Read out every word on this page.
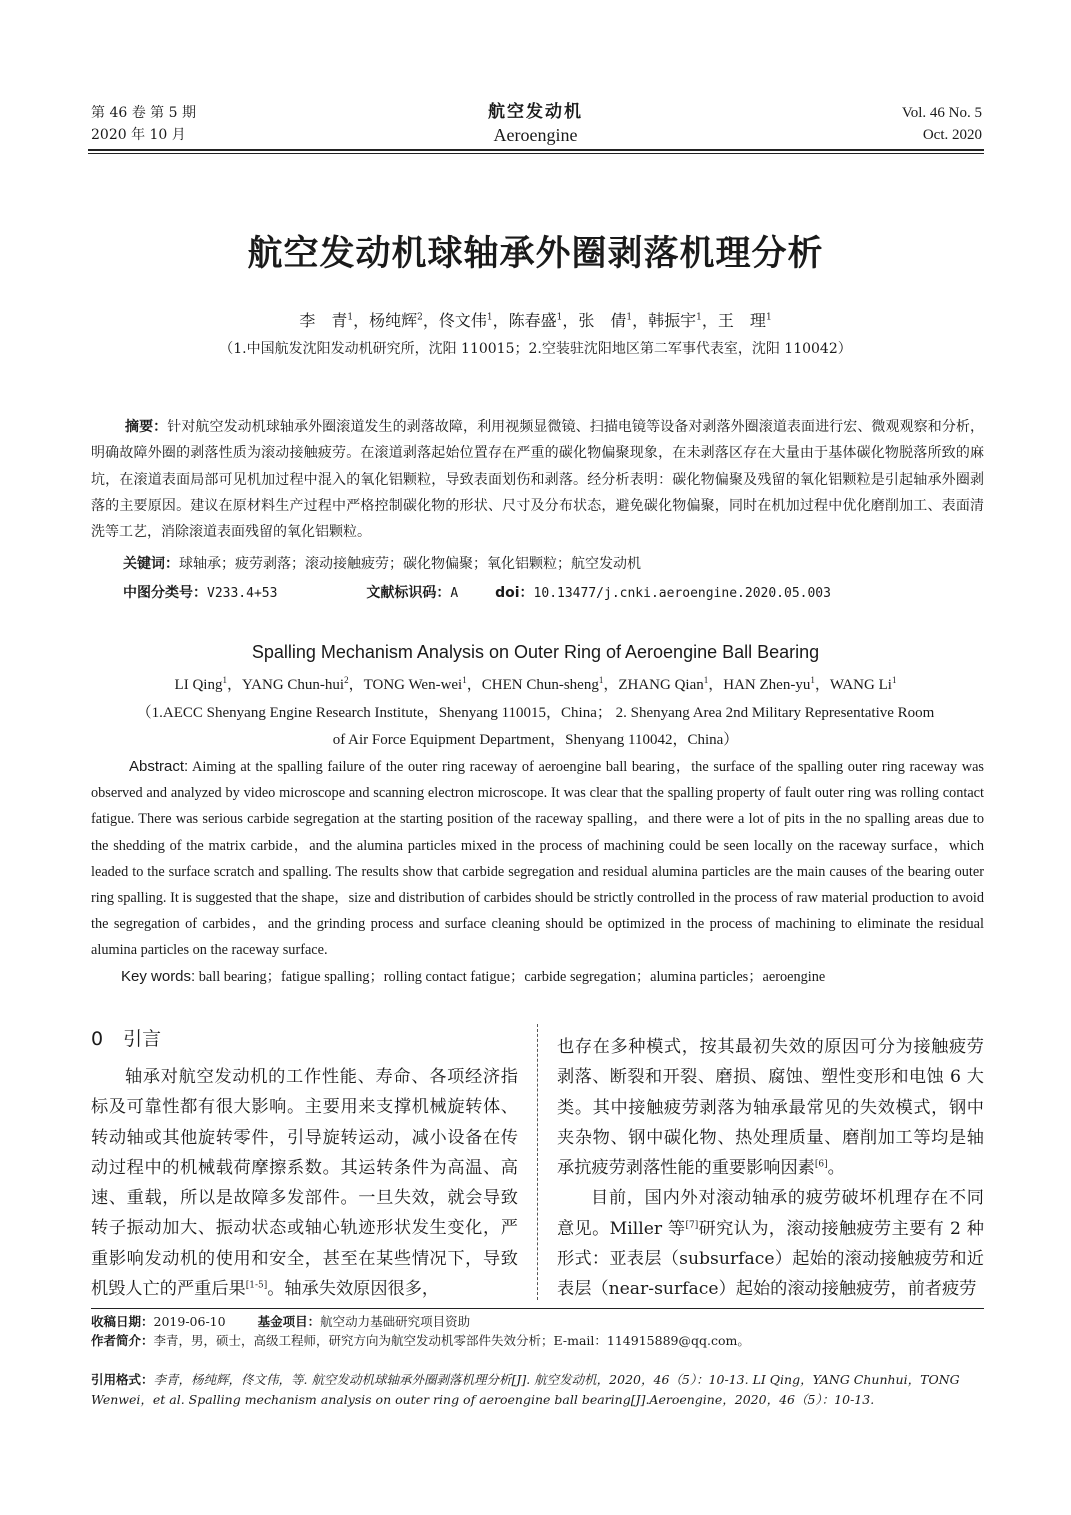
第 46 卷 第 5 期
2020 年 10 月
航空发动机
Aeroengine
Vol. 46 No. 5
Oct. 2020
航空发动机球轴承外圈剥落机理分析
李　青$^1$，杨纯辉$^2$，佟文伟$^1$，陈春盛$^1$，张　倩$^1$，韩振宇$^1$，王　理$^1$
（1.中国航发沈阳发动机研究所，沈阳 110015；2.空装驻沈阳地区第二军事代表室，沈阳 110042）
摘要：针对航空发动机球轴承外圈滚道发生的剥落故障，利用视频显微镜、扫描电镜等设备对剥落外圈滚道表面进行宏、微观观察和分析，明确故障外圈的剥落性质为滚动接触疲劳。在滚道剥落起始位置存在严重的碳化物偏聚现象，在未剥落区存在大量由于基体碳化物脱落所致的麻坑，在滚道表面局部可见机加过程中混入的氧化铝颗粒，导致表面划伤和剥落。经分析表明：碳化物偏聚及残留的氧化铝颗粒是引起轴承外圈剥落的主要原因。建议在原材料生产过程中严格控制碳化物的形状、尺寸及分布状态，避免碳化物偏聚，同时在机加过程中优化磨削加工、表面清洗等工艺，消除滚道表面残留的氧化铝颗粒。
关键词：球轴承；疲劳剥落；滚动接触疲劳；碳化物偏聚；氧化铝颗粒；航空发动机
中图分类号：V233.4+53	文献标识码：A	doi：10.13477/j.cnki.aeroengine.2020.05.003
Spalling Mechanism Analysis on Outer Ring of Aeroengine Ball Bearing
LI Qing$^1$，YANG Chun-hui$^2$，TONG Wen-wei$^1$，CHEN Chun-sheng$^1$，ZHANG Qian$^1$，HAN Zhen-$yu^1$，WANG Li$^1$
（1.AECC Shenyang Engine Research Institute，Shenyang 110015，China； 2. Shenyang Area 2nd Military Representative Room
of Air Force Equipment Department，Shenyang 110042，China）
Abstract: Aiming at the spalling failure of the outer ring raceway of aeroengine ball bearing，the surface of the spalling outer ring raceway was observed and analyzed by video microscope and scanning electron microscope. It was clear that the spalling property of fault outer ring was rolling contact fatigue. There was serious carbide segregation at the starting position of the raceway spalling，and there were a lot of pits in the no spalling areas due to the shedding of the matrix carbide，and the alumina particles mixed in the process of machining could be seen locally on the raceway surface，which leaded to the surface scratch and spalling. The results show that carbide segregation and residual alumina particles are the main causes of the bearing outer ring spalling. It is suggested that the shape，size and distribution of carbides should be strictly controlled in the process of raw material production to avoid the segregation of carbides，and the grinding process and surface cleaning should be optimized in the process of machining to eliminate the residual alumina particles on the raceway surface.
Key words: ball bearing；fatigue spalling；rolling contact fatigue；carbide segregation；alumina particles；aeroengine
0 引言

轴承对航空发动机的工作性能、寿命、各项经济指标及可靠性都有很大影响。主要用来支撑机械旋转体、转动轴或其他旋转零件，引导旋转运动，减小设备在传动过程中的机械载荷摩擦系数。其运转条件为高温、高速、重载，所以是故障多发部件。一旦失效，就会导致转子振动加大、振动状态或轴心轨迹形状发生变化，严重影响发动机的使用和安全，甚至在某些情况下，导致机毁人亡的严重后果[1-5]。轴承失效原因很多，

也存在多种模式，按其最初失效的原因可分为接触疲劳剥落、断裂和开裂、磨损、腐蚀、塑性变形和电蚀 6 大类。其中接触疲劳剥落为轴承最常见的失效模式，钢中夹杂物、钢中碳化物、热处理质量、磨削加工等均是轴承抗疲劳剥落性能的重要影响因素[6]。

目前，国内外对滚动轴承的疲劳破坏机理存在不同意见。Miller 等[7]研究认为，滚动接触疲劳主要有 2 种形式：亚表层（subsurface）起始的滚动接触疲劳和近表层（near-surface）起始的滚动接触疲劳，前者疲劳

收稿日期：2019-06-10	基金项目：航空动力基础研究项目资助
作者简介：李青，男，硕士，高级工程师，研究方向为航空发动机零部件失效分析；E-mail：114915889@qq.com。
引用格式：李青，杨纯辉，佟文伟，等. 航空发动机球轴承外圈剥落机理分析[J]. 航空发动机，2020，46（5）：10-13. LI Qing，YANG Chunhui，TONG Wenwei，et al. Spalling mechanism analysis on outer ring of aeroengine ball bearing[J].Aeroengine，2020，46（5）：10-13.
